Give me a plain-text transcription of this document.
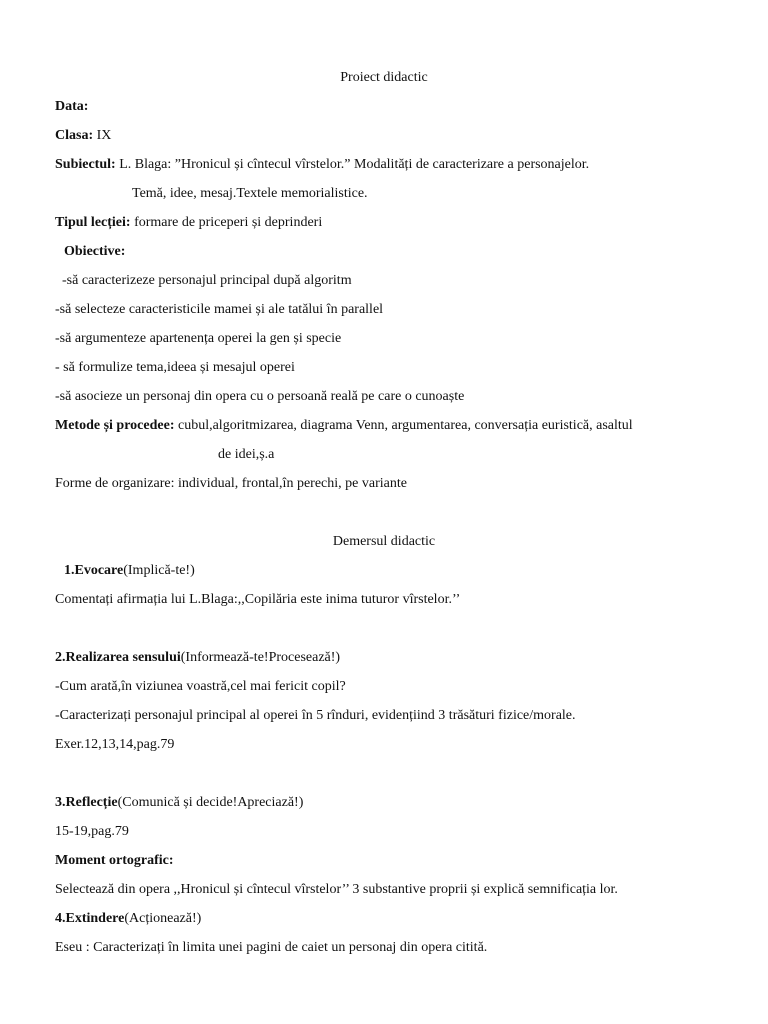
Proiect didactic
Data:
Clasa: IX
Subiectul: L. Blaga: ”Hronicul și cîntecul vîrstelor.” Modalități de caracterizare a personajelor.
Temă, idee, mesaj.Textele memorialistice.
Tipul lecției: formare de priceperi și deprinderi
Obiective:
-să caracterizeze personajul principal după algoritm
-să selecteze caracteristicile mamei și ale tatălui în parallel
-să argumenteze apartenența operei la gen și specie
- să formulize tema,ideea și mesajul operei
-să asocieze un personaj din opera cu o persoană reală pe care o cunoaște
Metode și procedee: cubul,algoritmizarea, diagrama Venn, argumentarea, conversația euristică, asaltul
de idei,ș.a
Forme de organizare: individual, frontal,în perechi, pe variante
Demersul didactic
1.Evocare(Implică-te!)
Comentați afirmația lui L.Blaga:,,Copilăria este inima tuturor vîrstelor.’’
2.Realizarea sensului(Informează-te!Procesează!)
-Cum arată,în viziunea voastră,cel mai fericit copil?
-Caracterizați personajul principal al operei în 5 rînduri, evidențiind 3 trăsături fizice/morale.
Exer.12,13,14,pag.79
3.Reflecție(Comunică și decide!Apreciază!)
15-19,pag.79
Moment ortografic:
Selectează din opera ,,Hronicul și cîntecul vîrstelor’’ 3 substantive proprii și explică semnificația lor.
4.Extindere(Acționează!)
Eseu : Caracterizați în limita unei pagini de caiet un personaj din opera citită.
